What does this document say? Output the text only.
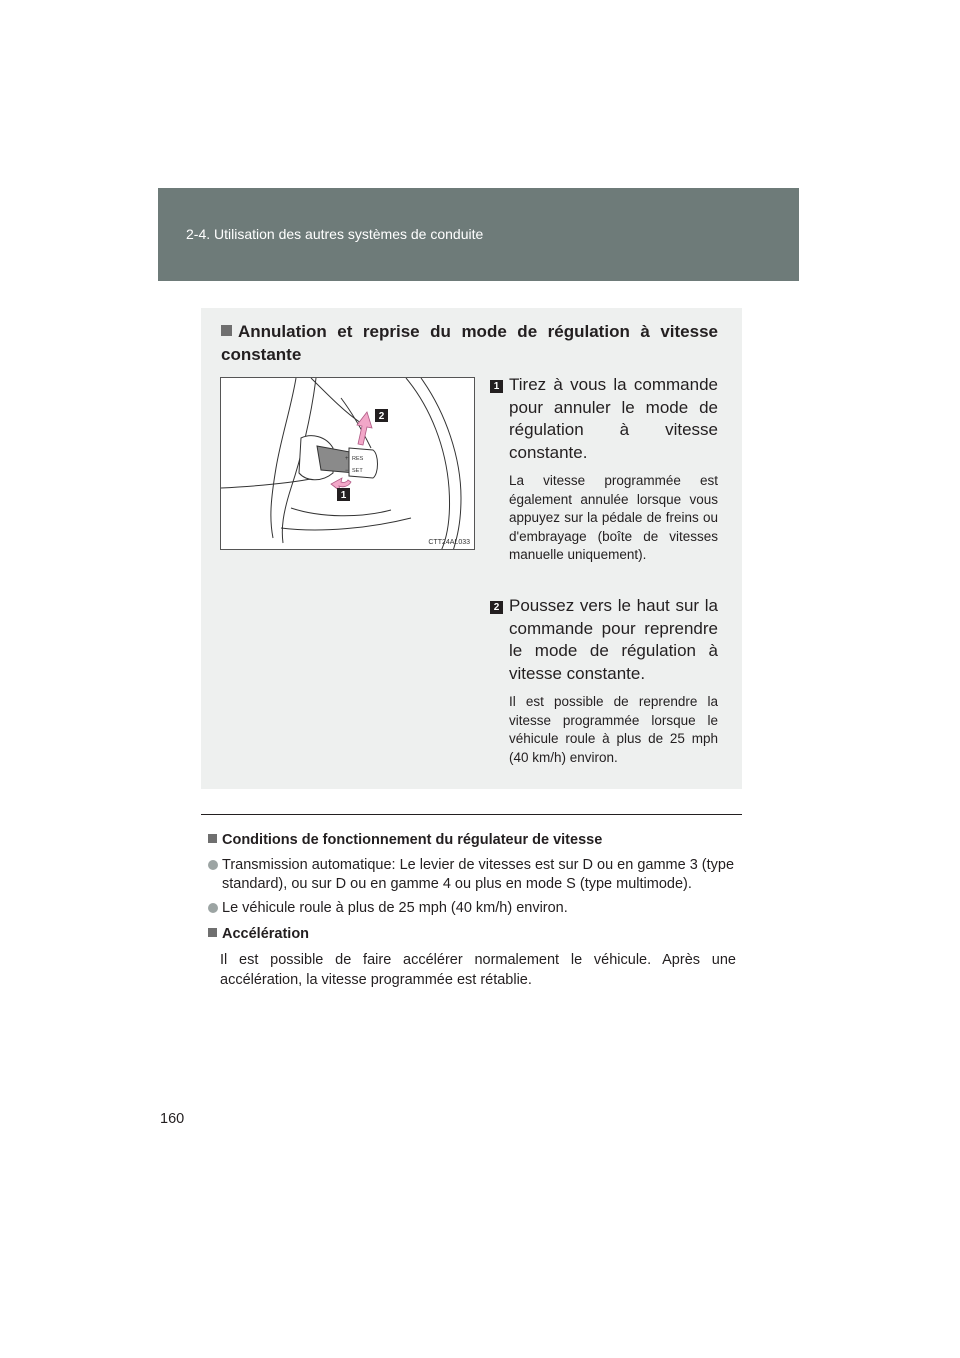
2-4. Utilisation des autres systèmes de conduite
Annulation et reprise du mode de régulation à vitesse constante
RES
SET
+
−
1
2
CTT24AL033
1 Tirez à vous la commande pour annuler le mode de régulation à vitesse constante.
La vitesse programmée est également annulée lorsque vous appuyez sur la pédale de freins ou d'embrayage (boîte de vitesses manuelle uniquement).
2 Poussez vers le haut sur la commande pour reprendre le mode de régulation à vitesse constante.
Il est possible de reprendre la vitesse programmée lorsque le véhicule roule à plus de 25 mph (40 km/h) environ.

Conditions de fonctionnement du régulateur de vitesse

Transmission automatique: Le levier de vitesses est sur D ou en gamme 3 (type standard), ou sur D ou en gamme 4 ou plus en mode S (type multimode).
Le véhicule roule à plus de 25 mph (40 km/h) environ.

Accélération

Il est possible de faire accélérer normalement le véhicule. Après une accélération, la vitesse programmée est rétablie.
160
